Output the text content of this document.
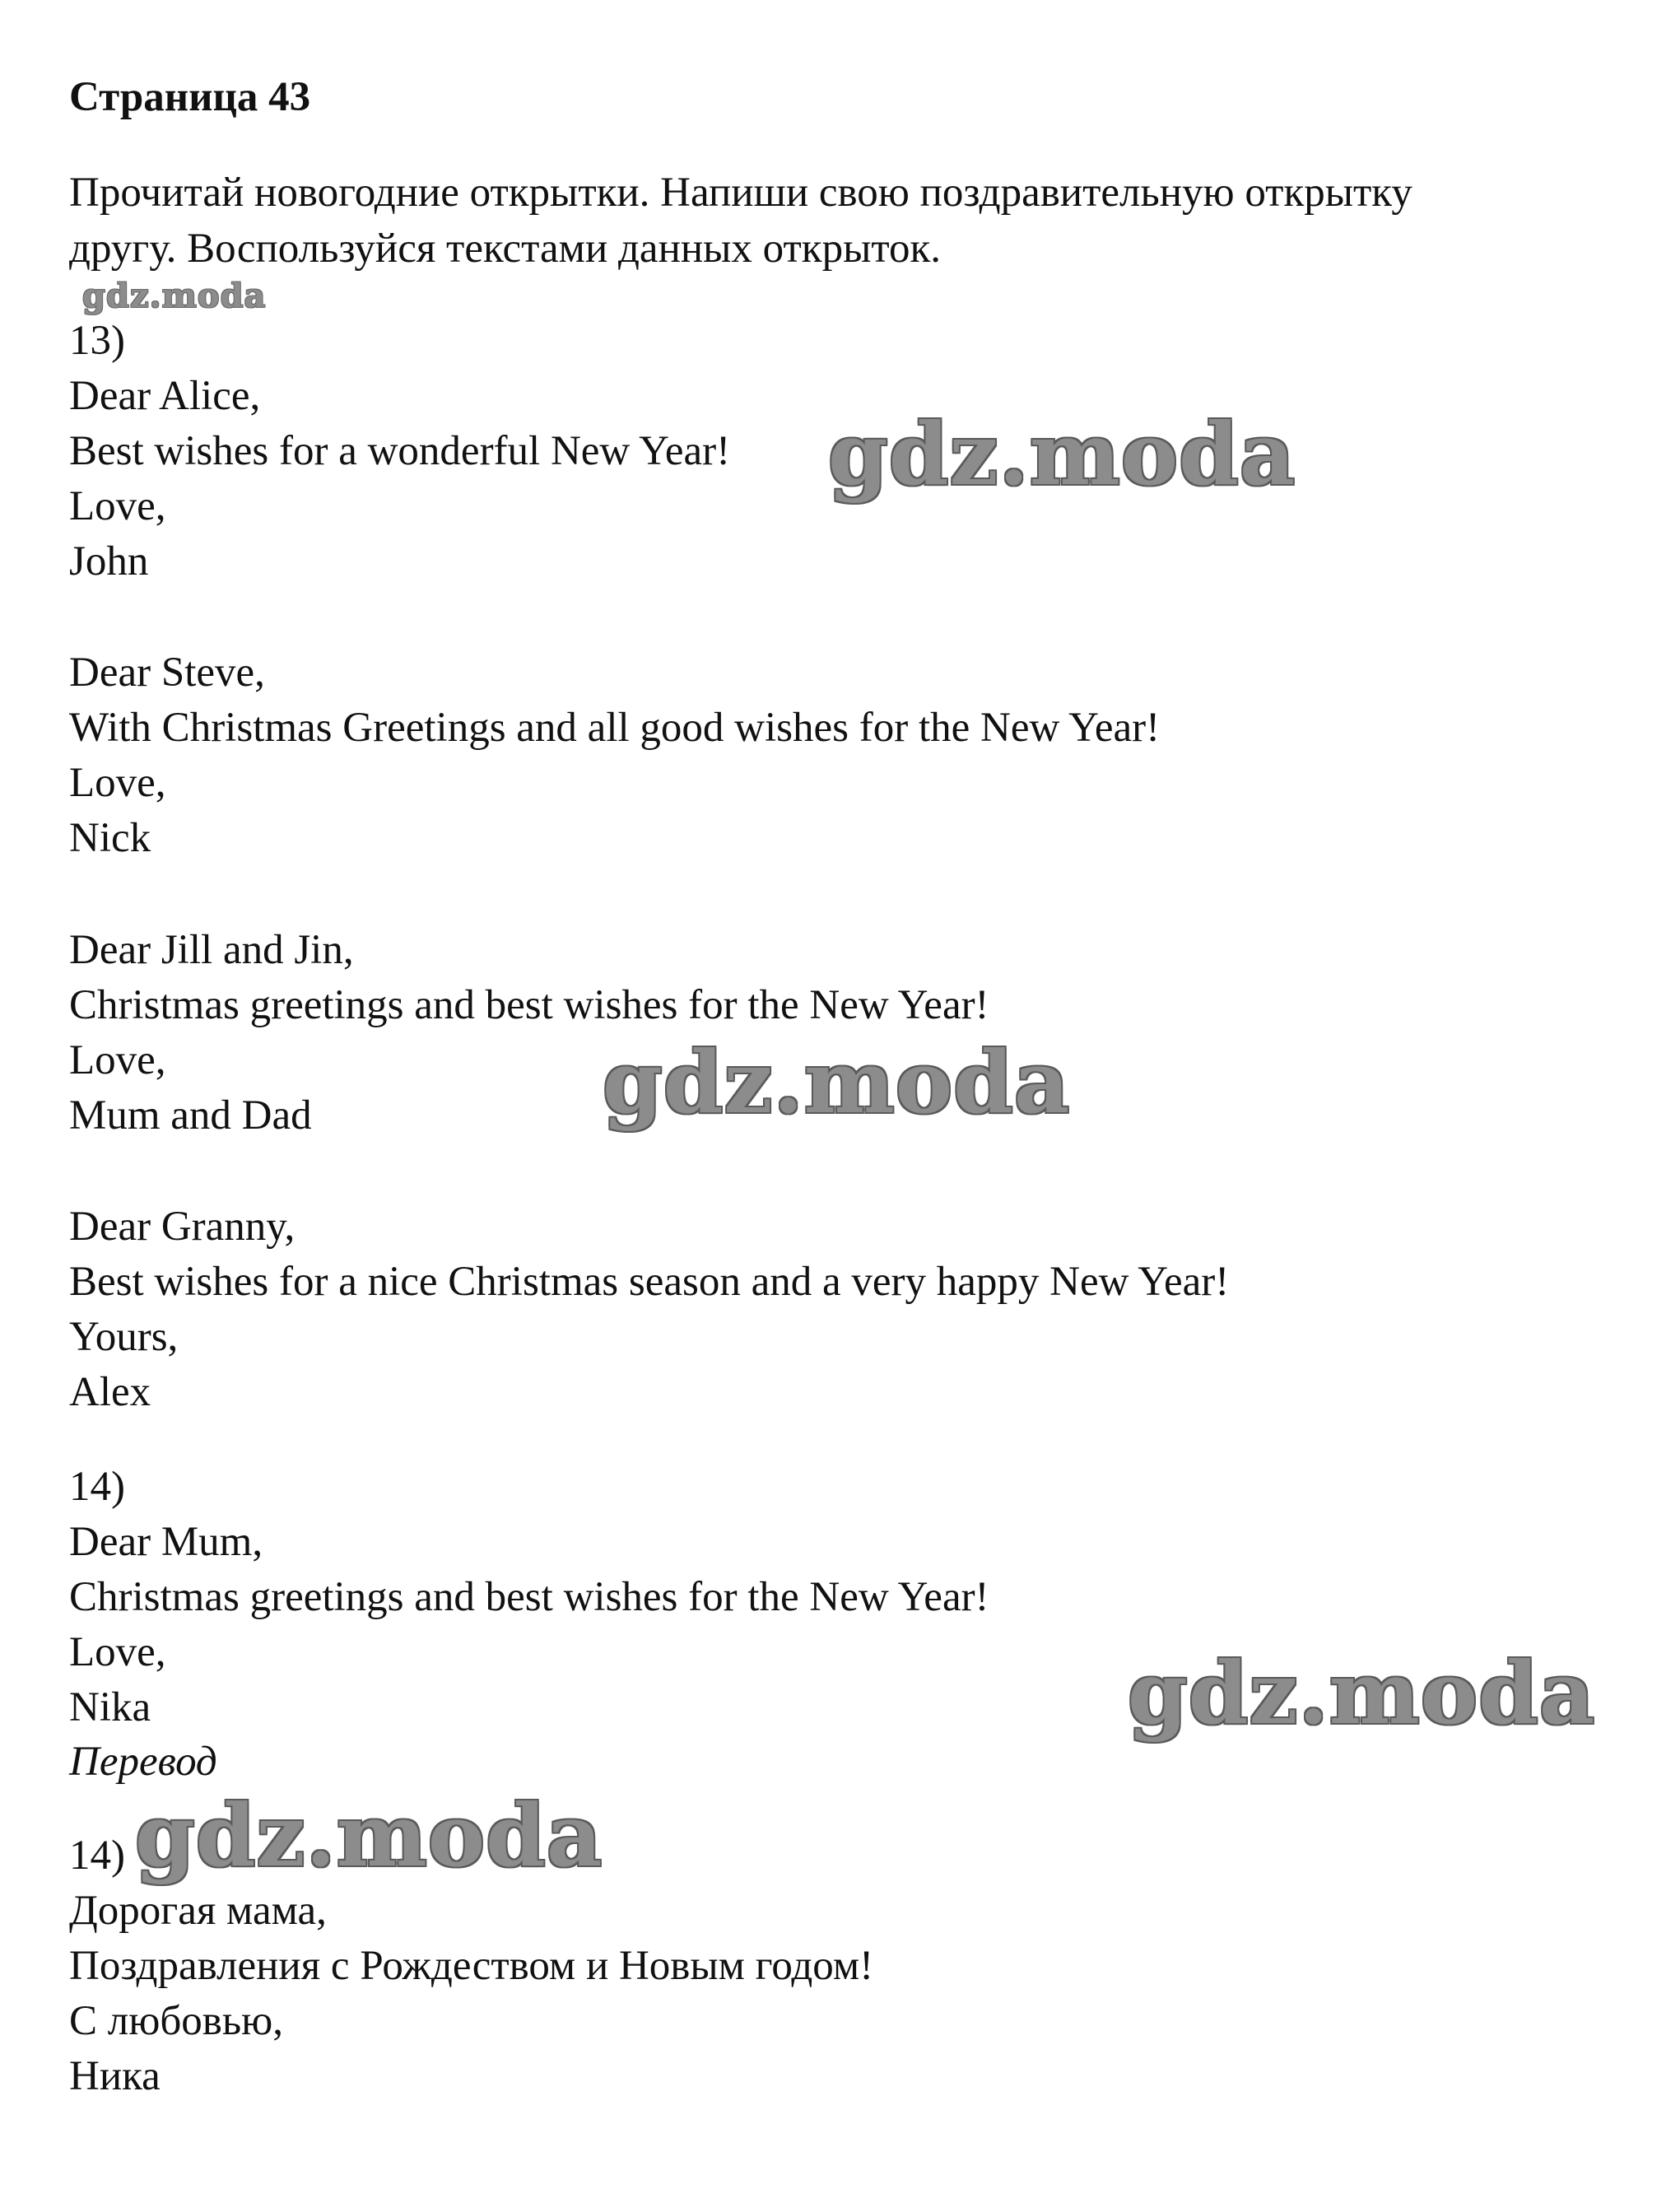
Страница 43
Прочитай новогодние открытки. Напиши свою поздравительную открытку
другу. Воспользуйся текстами данных открыток.
gdz.moda
13)
Dear Alice,
Best wishes for a wonderful New Year!
Love,
John
Dear Steve,
With Christmas Greetings and all good wishes for the New Year!
Love,
Nick
Dear Jill and Jin,
Christmas greetings and best wishes for the New Year!
Love,
Mum and Dad
Dear Granny,
Best wishes for a nice Christmas season and a very happy New Year!
Yours,
Alex
14)
Dear Mum,
Christmas greetings and best wishes for the New Year!
Love,
Nika
Перевод
14)
Дорогая мама,
Поздравления с Рождеством и Новым годом!
С любовью,
Ника
gdz.moda
gdz.moda
gdz.moda
gdz.moda
